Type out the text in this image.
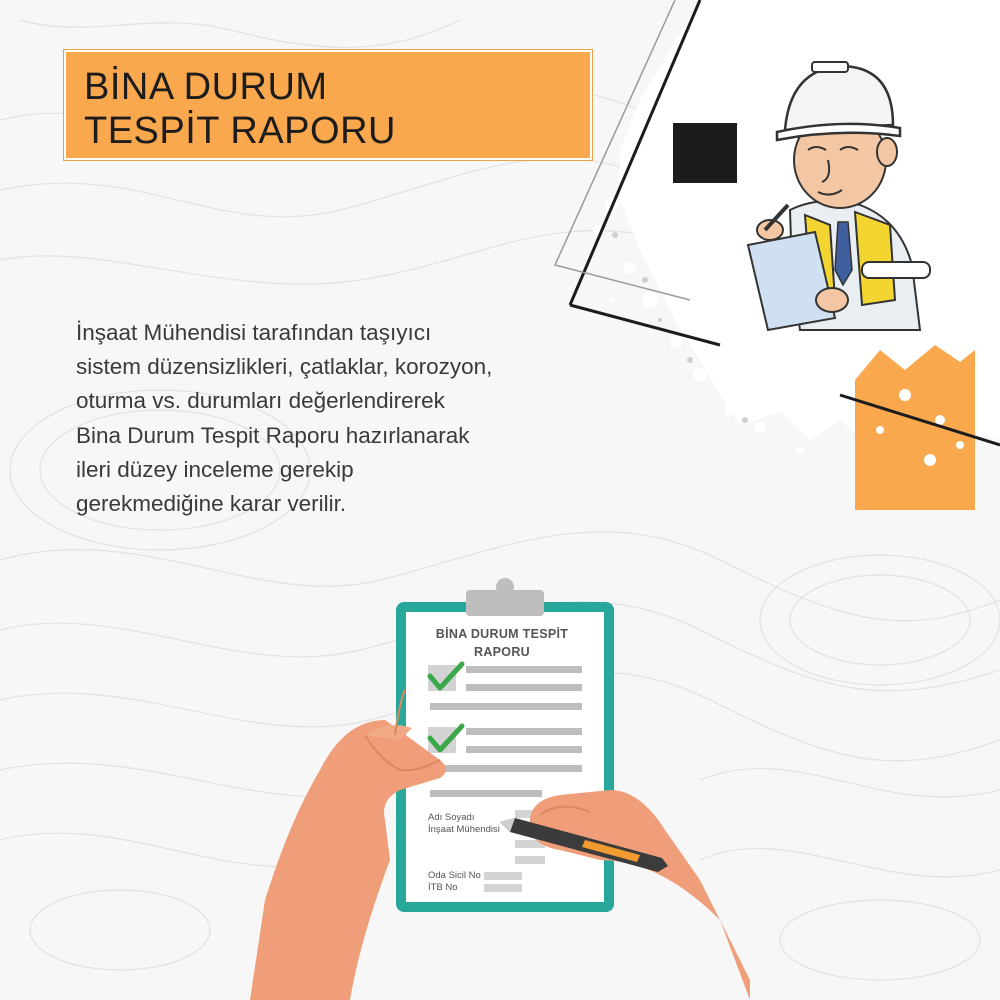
BİNA DURUM
TESPİT RAPORU
İnşaat Mühendisi tarafından taşıyıcı
sistem düzensizlikleri, çatlaklar, korozyon,
oturma vs. durumları değerlendirerek
Bina Durum Tespit Raporu hazırlanarak
ileri düzey inceleme gerekip
gerekmediğine karar verilir.
BİNA DURUM TESPİT
RAPORU
Adı Soyadı
İnşaat Mühendisi
Oda Sicil No
İTB No
